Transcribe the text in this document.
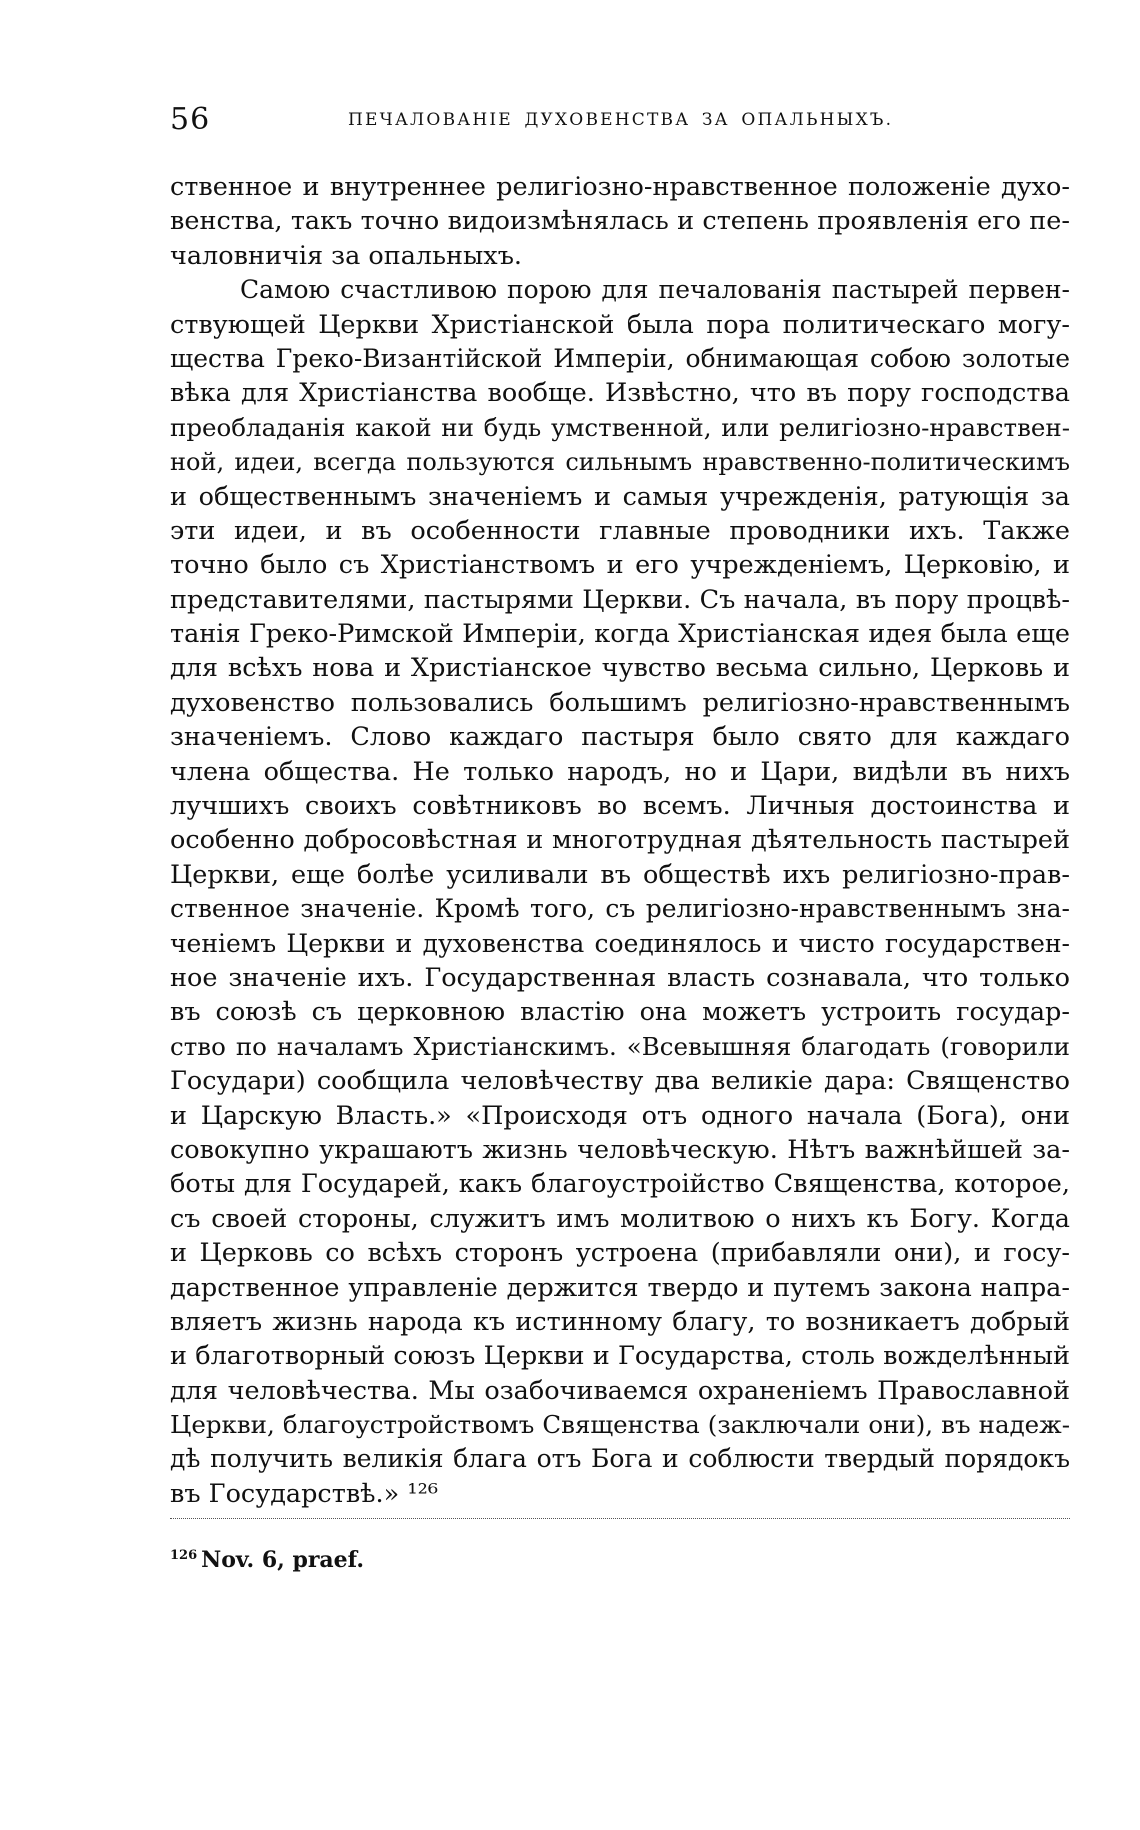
56	ПЕЧАЛОВАНІЕ ДУХОВЕНСТВА ЗА ОПАЛЬНЫХЪ.
ственное и внутреннее религіозно-нравственное положеніе духо-
венства, такъ точно видоизмѣнялась и степень проявленія его пе-
чаловничія за опальныхъ.
Самою счастливою порою для печалованія пастырей первен-
ствующей Церкви Христіанской была пора политическаго могу-
щества Греко-Византійской Имперіи, обнимающая собою золотые
вѣка для Христіанства вообще. Извѣстно, что въ пору господства
преобладанія какой ни будь умственной, или религіозно-нравствен-
ной, идеи, всегда пользуются сильнымъ нравственно-политическимъ
и общественнымъ значеніемъ и самыя учрежденія, ратующія за
эти идеи, и въ особенности главные проводники ихъ. Также
точно было съ Христіанствомъ и его учрежденіемъ, Церковію, и
представителями, пастырями Церкви. Съ начала, въ пору процвѣ-
танія Греко-Римской Имперіи, когда Христіанская идея была еще
для всѣхъ нова и Христіанское чувство весьма сильно, Церковь и
духовенство пользовались большимъ религіозно-нравственнымъ
значеніемъ. Слово каждаго пастыря было свято для каждаго
члена общества. Не только народъ, но и Цари, видѣли въ нихъ
лучшихъ своихъ совѣтниковъ во всемъ. Личныя достоинства и
особенно добросовѣстная и многотрудная дѣятельность пастырей
Церкви, еще болѣе усиливали въ обществѣ ихъ религіозно-прав-
ственное значеніе. Кромѣ того, съ религіозно-нравственнымъ зна-
ченіемъ Церкви и духовенства соединялось и чисто государствен-
ное значеніе ихъ. Государственная власть сознавала, что только
въ союзѣ съ церковною властію она можетъ устроить государ-
ство по началамъ Христіанскимъ. «Всевышняя благодать (говорили
Государи) сообщила человѣчеству два великіе дара: Священство
и Царскую Власть.» «Происходя отъ одного начала (Бога), они
совокупно украшаютъ жизнь человѣческую. Нѣтъ важнѣйшей за-
боты для Государей, какъ благоустроійство Священства, которое,
съ своей стороны, служитъ имъ молитвою о нихъ къ Богу. Когда
и Церковь со всѣхъ сторонъ устроена (прибавляли они), и госу-
дарственное управленіе держится твердо и путемъ закона напра-
вляетъ жизнь народа къ истинному благу, то возникаетъ добрый
и благотворный союзъ Церкви и Государства, столь вожделѣнный
для человѣчества. Мы озабочиваемся охраненіемъ Православной
Церкви, благоустройствомъ Священства (заключали они), въ надеж-
дѣ получить великія блага отъ Бога и соблюсти твердый порядокъ
въ Государствѣ.» ¹²⁶
$^{126}$ Nov. 6, praef.
